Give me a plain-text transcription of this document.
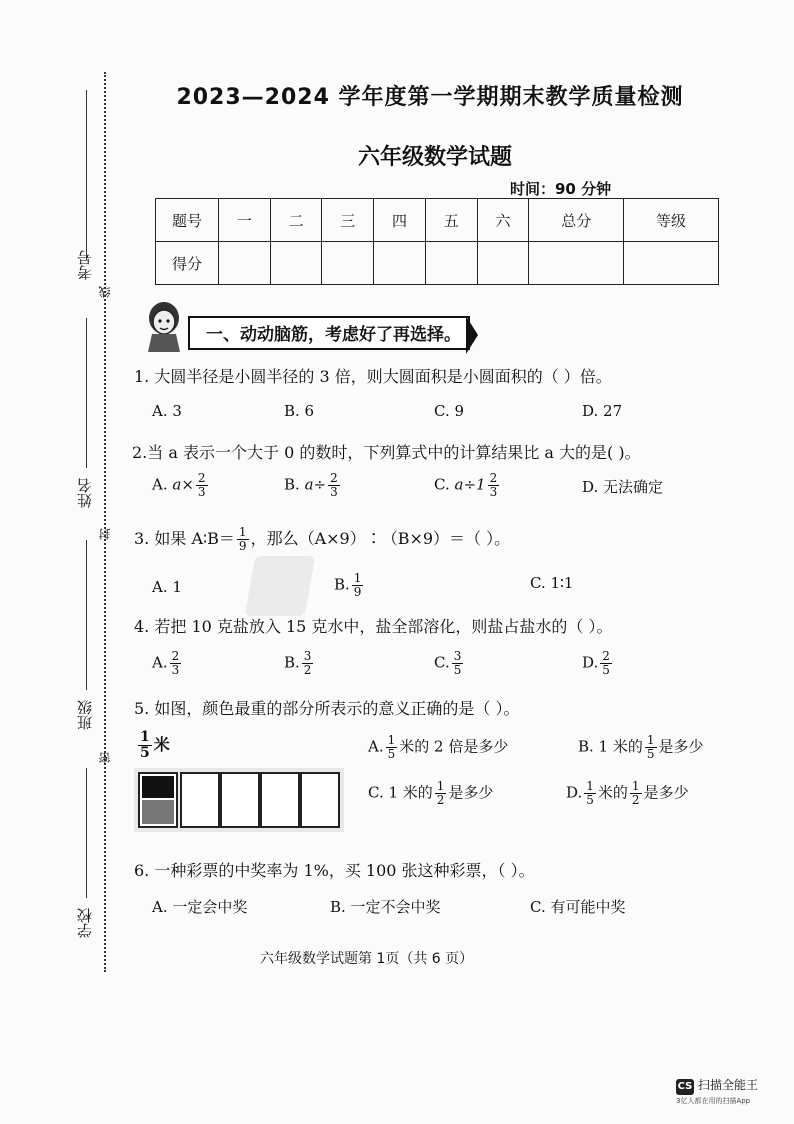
考号
线
姓名
封
班级
密
学校
2023—2024 学年度第一学期期末教学质量检测
六年级数学试题
时间：90 分钟
题号	一	二	三	四	五	六	总分	等级
得分								
一、动动脑筋，考虑好了再选择。
1. 大圆半径是小圆半径的 3 倍，则大圆面积是小圆面积的（ ）倍。
A. 3	B. 6	C. 9	D. 27
2.当 a 表示一个大于 0 的数时，下列算式中的计算结果比 a 大的是( )。
A. $a\times \frac{2}{3}$	B. $a\div \frac{2}{3}$	C. $a\div 1 \frac{2}{3}$	D. 无法确定
3. 如果 A∶B＝ $\frac{1}{9}$ ，那么（A×9）∶（B×9）＝（ ）。
A. 1	B. $\frac{1}{9}$	C. 1∶1
4. 若把 10 克盐放入 15 克水中，盐全部溶化，则盐占盐水的（ ）。
A. $\frac{2}{3}$	B. $\frac{3}{2}$	C. $\frac{3}{5}$	D. $\frac{2}{5}$
5. 如图，颜色最重的部分所表示的意义正确的是（ ）。
$\frac{1}{5}$ 米	A. $\frac{1}{5}$ 米的 2 倍是多少	B. 1 米的 $\frac{1}{5}$ 是多少
C. 1 米的 $\frac{1}{2}$ 是多少	D. $\frac{1}{5}$ 米的 $\frac{1}{2}$ 是多少
6. 一种彩票的中奖率为 1%，买 100 张这种彩票，（ ）。
A. 一定会中奖	B. 一定不会中奖	C. 有可能中奖
六年级数学试题第 1页（共 6 页）
CS 扫描全能王
3亿人都在用的扫描App
